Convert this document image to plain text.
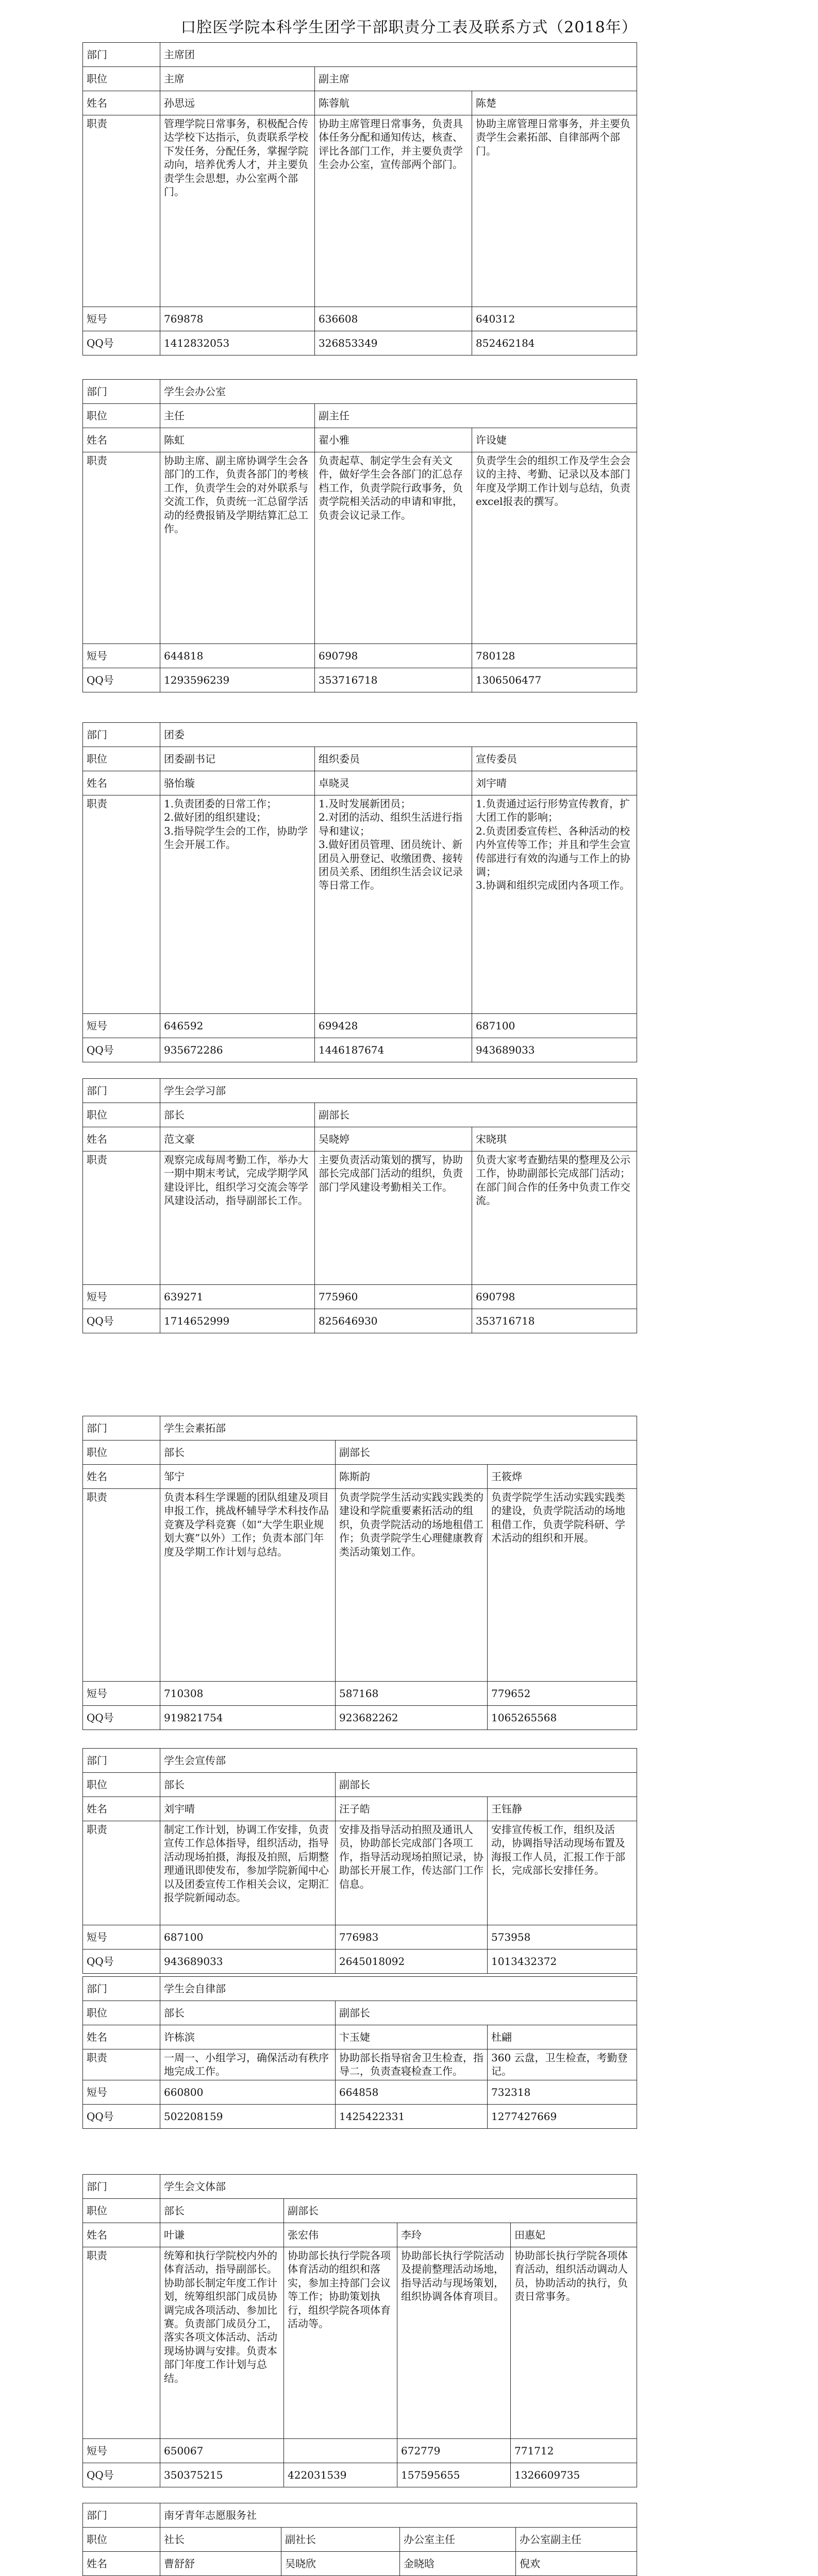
口腔医学院本科学生团学干部职责分工表及联系方式（2018年）
部门	主席团		
职位	主席	副主席	
姓名	孙思远	陈蓉航	陈楚
职责	管理学院日常事务，积极配合传达学校下达指示，负责联系学校下发任务，分配任务，掌握学院动向，培养优秀人才，并主要负责学生会思想，办公室两个部门。	协助主席管理日常事务，负责具体任务分配和通知传达，核查、评比各部门工作，并主要负责学生会办公室，宣传部两个部门。	协助主席管理日常事务，并主要负责学生会素拓部、自律部两个部门。
短号	769878	636608	640312
QQ号	1412832053	326853349	852462184
部门	学生会办公室		
职位	主任	副主任	
姓名	陈虹	翟小雅	许设婕
职责	协助主席、副主席协调学生会各部门的工作，负责各部门的考核工作，负责学生会的对外联系与交流工作，负责统一汇总留学活动的经费报销及学期结算汇总工作。	负责起草、制定学生会有关文件，做好学生会各部门的汇总存档工作，负责学院行政事务，负责学院相关活动的申请和审批，负责会议记录工作。	负责学生会的组织工作及学生会会议的主持、考勤、记录以及本部门年度及学期工作计划与总结，负责excel报表的撰写。
短号	644818	690798	780128
QQ号	1293596239	353716718	1306506477
部门	团委		
职位	团委副书记	组织委员	宣传委员
姓名	骆怡璇	卓晓灵	刘宇晴
职责	1.负责团委的日常工作；
2.做好团的组织建设；
3.指导院学生会的工作，协助学生会开展工作。	1.及时发展新团员；
2.对团的活动、组织生活进行指导和建议；
3.做好团员管理、团员统计、新团员入册登记、收缴团费、接转团员关系、团组织生活会议记录等日常工作。	1.负责通过运行形势宣传教育，扩大团工作的影响；
2.负责团委宣传栏、各种活动的校内外宣传等工作；并且和学生会宣传部进行有效的沟通与工作上的协调；
3.协调和组织完成团内各项工作。
短号	646592	699428	687100
QQ号	935672286	1446187674	943689033
部门	学生会学习部		
职位	部长	副部长	
姓名	范文豪	吴晓婷	宋晓琪
职责	观察完成每周考勤工作，举办大一期中期末考试，完成学期学风建设评比，组织学习交流会等学风建设活动，指导副部长工作。	主要负责活动策划的撰写，协助部长完成部门活动的组织，负责部门学风建设考勤相关工作。	负责大家考查勤结果的整理及公示工作，协助副部长完成部门活动；在部门间合作的任务中负责工作交流。
短号	639271	775960	690798
QQ号	1714652999	825646930	353716718
部门	学生会素拓部		
职位	部长	副部长	
姓名	邹宁	陈斯韵	王筱烨
职责	负责本科生学课题的团队组建及项目申报工作，挑战杯辅导学术科技作品竞赛及学科竞赛（如“大学生职业规划大赛”以外）工作；负责本部门年度及学期工作计划与总结。	负责学院学生活动实践实践类的建设和学院重要素拓活动的组织，负责学院活动的场地租借工作；负责学院学生心理健康教育类活动策划工作。	负责学院学生活动实践实践类的建设，负责学院活动的场地租借工作，负责学院科研、学术活动的组织和开展。
短号	710308	587168	779652
QQ号	919821754	923682262	1065265568
部门	学生会宣传部		
职位	部长	副部长	
姓名	刘宇晴	汪子皓	王钰静
职责	制定工作计划，协调工作安排，负责宣传工作总体指导，组织活动，指导活动现场拍摄，海报及拍照，后期整理通讯即使发布，参加学院新闻中心以及团委宣传工作相关会议，定期汇报学院新闻动态。	安排及指导活动拍照及通讯人员，协助部长完成部门各项工作，指导活动现场拍照记录，协助部长开展工作，传达部门工作信息。	安排宣传板工作，组织及活动，协调指导活动现场布置及海报工作人员，汇报工作于部长，完成部长安排任务。
短号	687100	776983	573958
QQ号	943689033	2645018092	1013432372
部门	学生会自律部		
职位	部长	副部长	
姓名	许栋滨	卞玉婕	杜翩
职责	一周一、小组学习，确保活动有秩序地完成工作。	协助部长指导宿舍卫生检查，指导二，负责查寝检查工作。	360 云盘，卫生检查，考勤登记。
短号	660800	664858	732318
QQ号	502208159	1425422331	1277427669
部门	学生会文体部			
职位	部长	副部长		
姓名	叶谦	张宏伟	李玲	田惠妃
职责	统筹和执行学院校内外的体育活动，指导副部长。协助部长制定年度工作计划，统筹组织部门成员协调完成各项活动、参加比赛。负责部门成员分工，落实各项文体活动、活动现场协调与安排。负责本部门年度工作计划与总结。	协助部长执行学院各项体育活动的组织和落实，参加主持部门会议等工作；协助策划执行，组织学院各项体育活动等。	协助部长执行学院活动及提前整理活动场地，指导活动与现场策划，组织协调各体育项目。	协助部长执行学院各项体育活动，组织活动调动人员，协助活动的执行，负责日常事务。
短号	650067		672779	771712
QQ号	350375215	422031539	157595655	1326609735
部门	南牙青年志愿服务社			
职位	社长	副社长	办公室主任	办公室副主任
姓名	曹舒舒	吴晓欣	金晓晗	倪欢
